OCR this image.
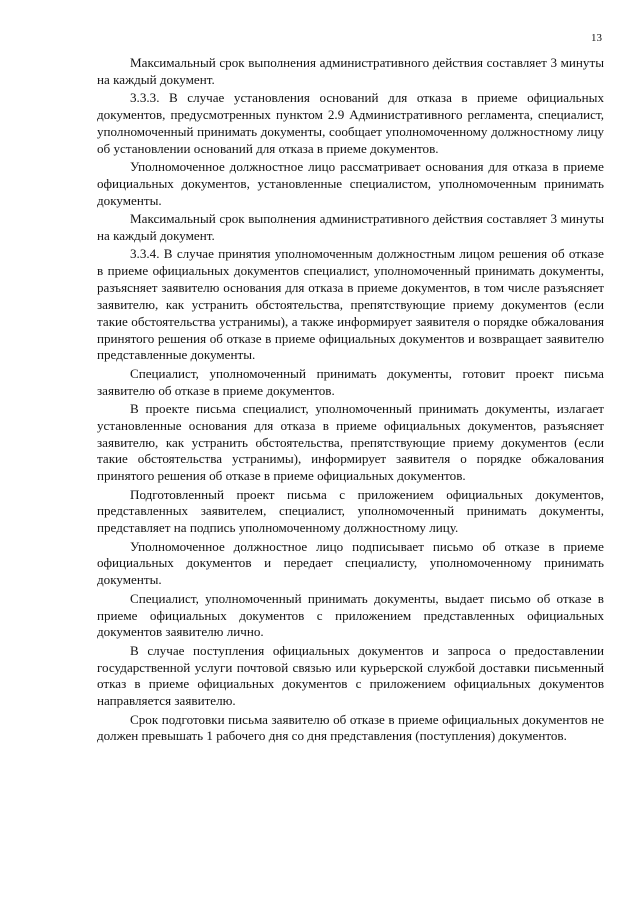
13

Максимальный срок выполнения административного действия составляет 3 минуты на каждый документ.

3.3.3. В случае установления оснований для отказа в приеме официальных документов, предусмотренных пунктом 2.9 Административного регламента, специалист, уполномоченный принимать документы, сообщает уполномоченному должностному лицу об установлении оснований для отказа в приеме документов.

Уполномоченное должностное лицо рассматривает основания для отказа в приеме официальных документов, установленные специалистом, уполномоченным принимать документы.

Максимальный срок выполнения административного действия составляет 3 минуты на каждый документ.

3.3.4. В случае принятия уполномоченным должностным лицом решения об отказе в приеме официальных документов специалист, уполномоченный принимать документы, разъясняет заявителю основания для отказа в приеме документов, в том числе разъясняет заявителю, как устранить обстоятельства, препятствующие приему документов (если такие обстоятельства устранимы), а также информирует заявителя о порядке обжалования принятого решения об отказе в приеме официальных документов и возвращает заявителю представленные документы.

Специалист, уполномоченный принимать документы, готовит проект письма заявителю об отказе в приеме документов.

В проекте письма специалист, уполномоченный принимать документы, излагает установленные основания для отказа в приеме официальных документов, разъясняет заявителю, как устранить обстоятельства, препятствующие приему документов (если такие обстоятельства устранимы), информирует заявителя о порядке обжалования принятого решения об отказе в приеме официальных документов.

Подготовленный проект письма с приложением официальных документов, представленных заявителем, специалист, уполномоченный принимать документы, представляет на подпись уполномоченному должностному лицу.

Уполномоченное должностное лицо подписывает письмо об отказе в приеме официальных документов и передает специалисту, уполномоченному принимать документы.

Специалист, уполномоченный принимать документы, выдает письмо об отказе в приеме официальных документов с приложением представленных официальных документов заявителю лично.

В случае поступления официальных документов и запроса о предоставлении государственной услуги почтовой связью или курьерской службой доставки письменный отказ в приеме официальных документов с приложением официальных документов направляется заявителю.

Срок подготовки письма заявителю об отказе в приеме официальных документов не должен превышать 1 рабочего дня со дня представления (поступления) документов.
